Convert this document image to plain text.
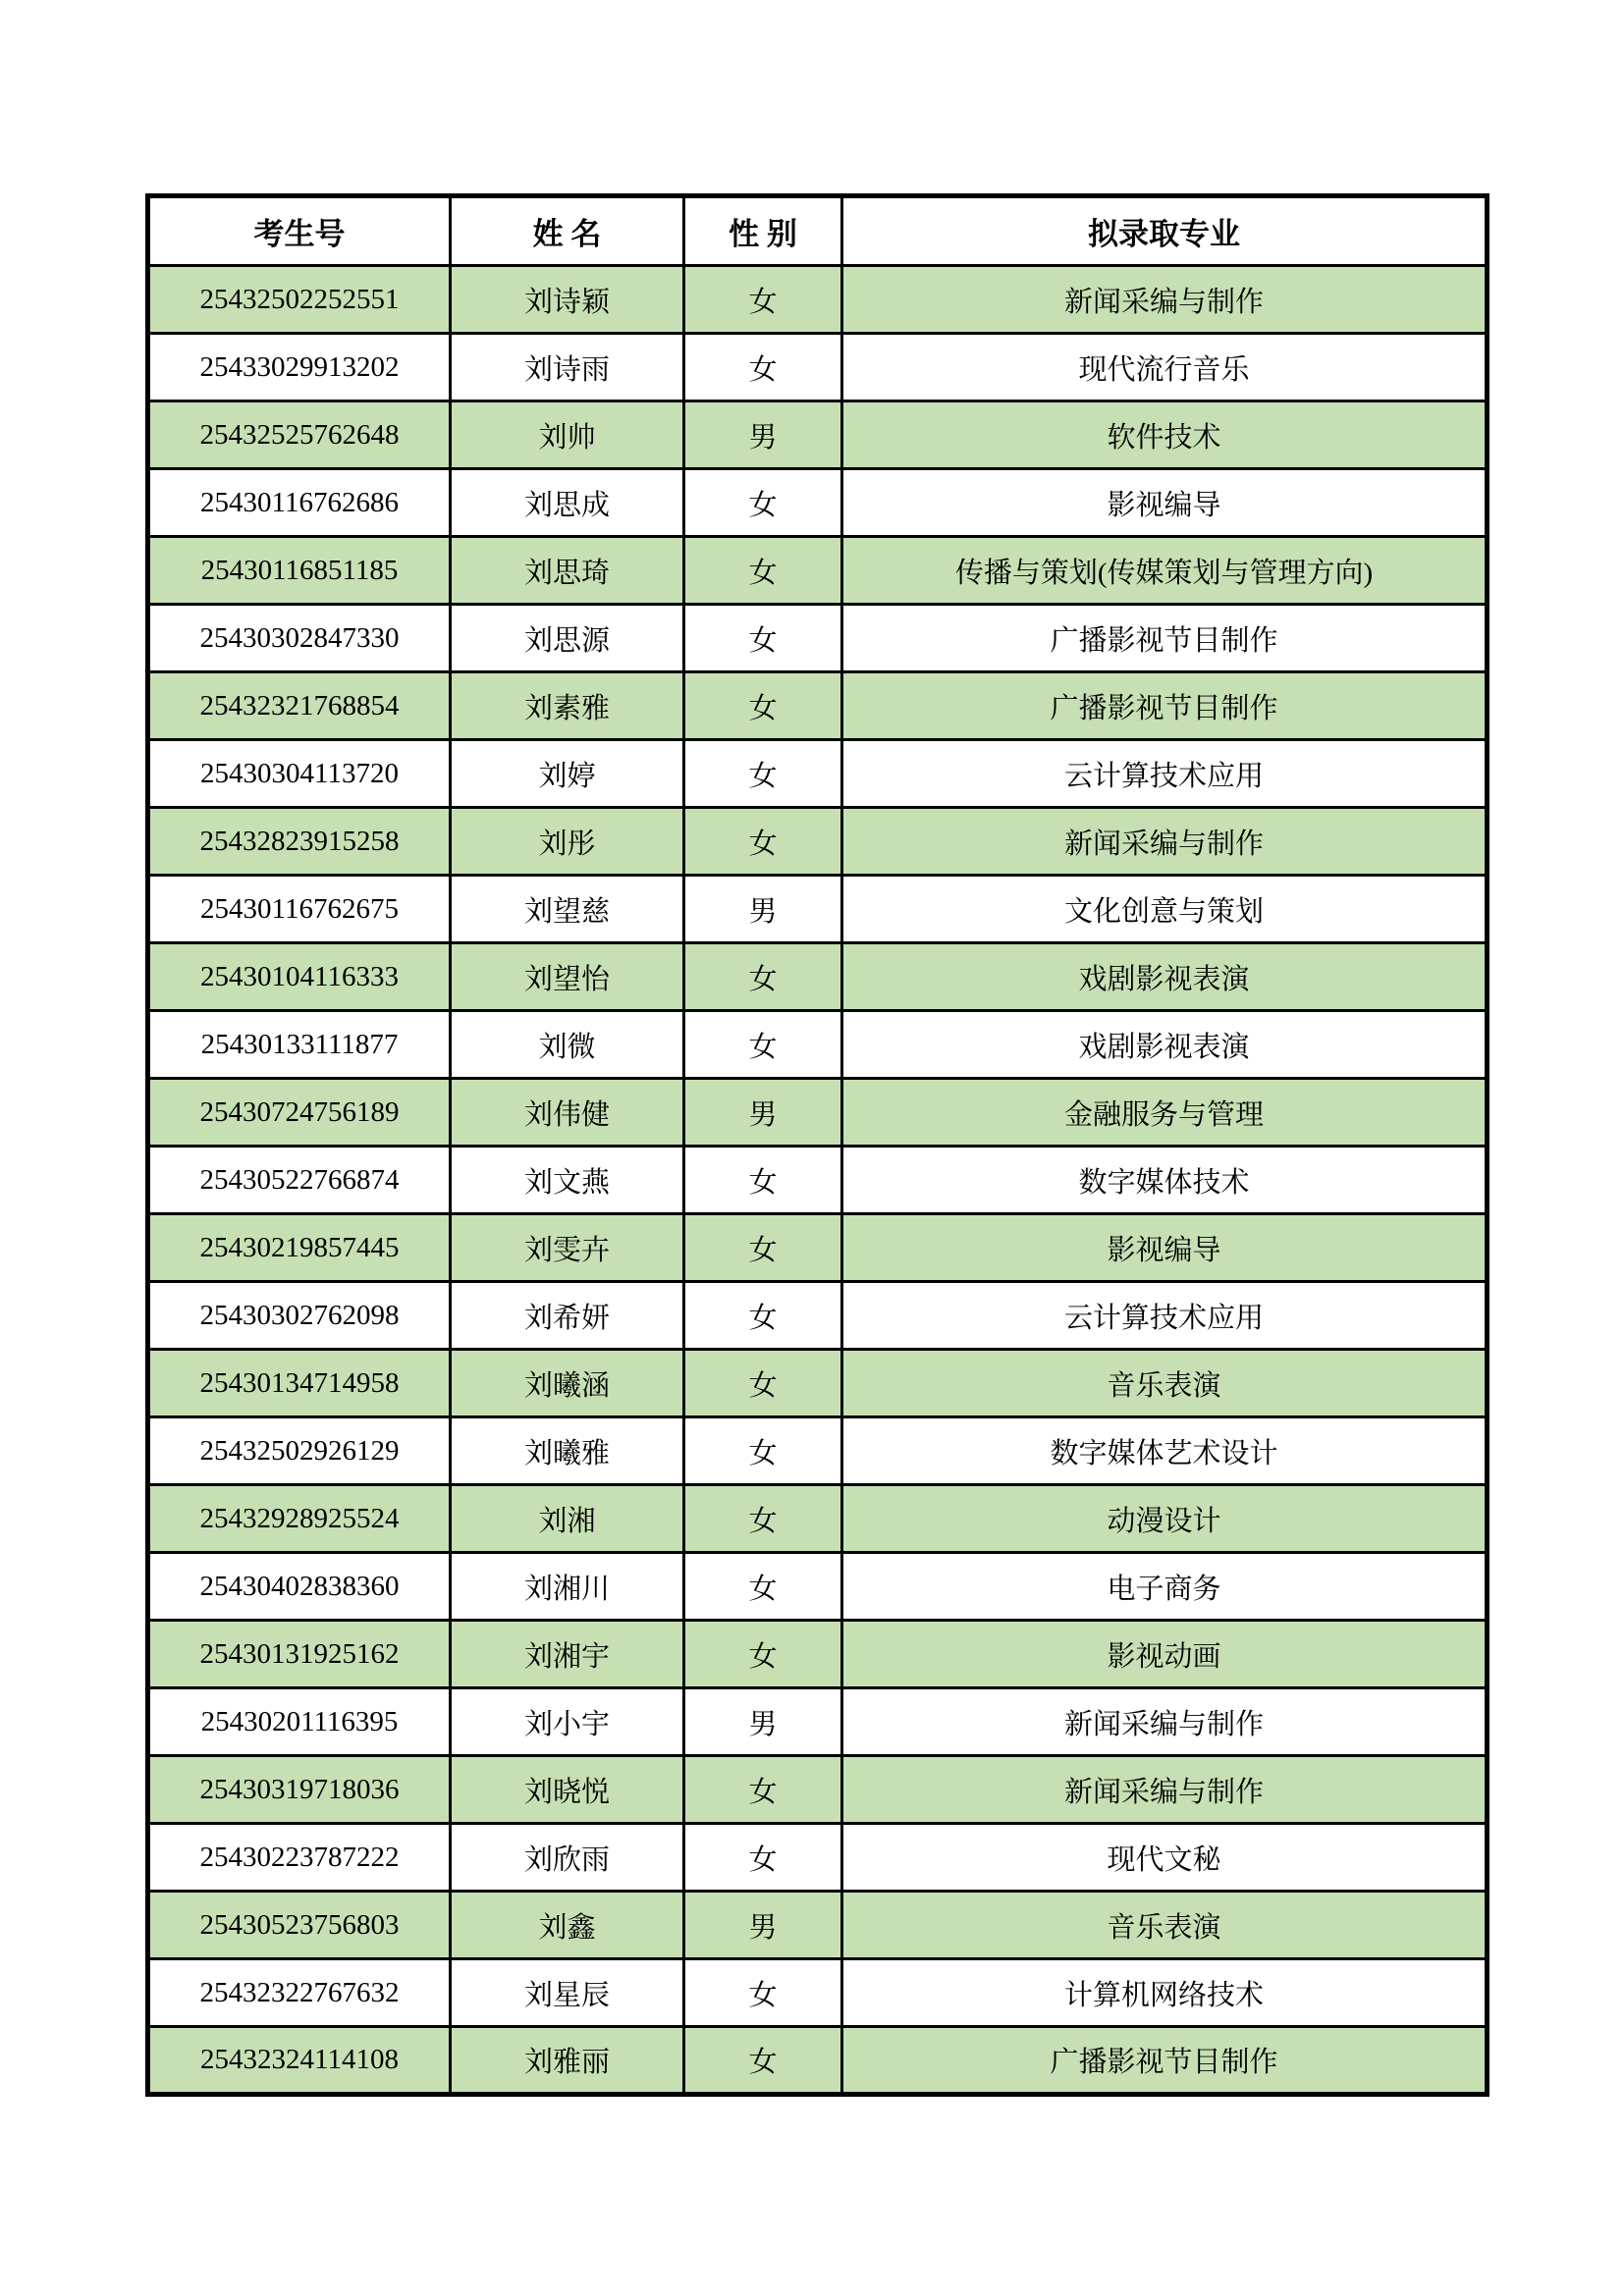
考生号	姓 名	性 别	拟录取专业
25432502252551	刘诗颖	女	新闻采编与制作
25433029913202	刘诗雨	女	现代流行音乐
25432525762648	刘帅	男	软件技术
25430116762686	刘思成	女	影视编导
25430116851185	刘思琦	女	传播与策划(传媒策划与管理方向)
25430302847330	刘思源	女	广播影视节目制作
25432321768854	刘素雅	女	广播影视节目制作
25430304113720	刘婷	女	云计算技术应用
25432823915258	刘彤	女	新闻采编与制作
25430116762675	刘望慈	男	文化创意与策划
25430104116333	刘望怡	女	戏剧影视表演
25430133111877	刘微	女	戏剧影视表演
25430724756189	刘伟健	男	金融服务与管理
25430522766874	刘文燕	女	数字媒体技术
25430219857445	刘雯卉	女	影视编导
25430302762098	刘希妍	女	云计算技术应用
25430134714958	刘曦涵	女	音乐表演
25432502926129	刘曦雅	女	数字媒体艺术设计
25432928925524	刘湘	女	动漫设计
25430402838360	刘湘川	女	电子商务
25430131925162	刘湘宇	女	影视动画
25430201116395	刘小宇	男	新闻采编与制作
25430319718036	刘晓悦	女	新闻采编与制作
25430223787222	刘欣雨	女	现代文秘
25430523756803	刘鑫	男	音乐表演
25432322767632	刘星辰	女	计算机网络技术
25432324114108	刘雅丽	女	广播影视节目制作
